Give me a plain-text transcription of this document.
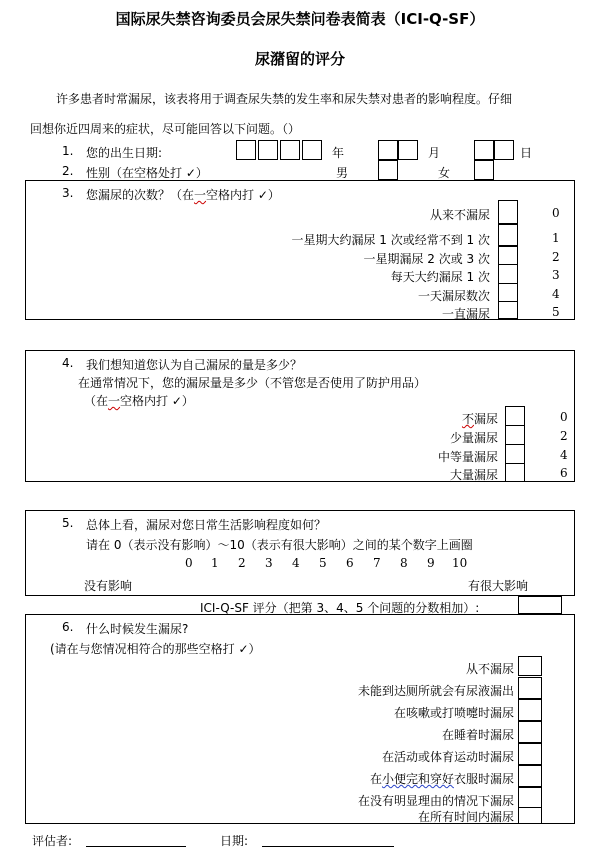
国际尿失禁咨询委员会尿失禁问卷表简表（ICI-Q-SF）
尿潴留的评分
许多患者时常漏尿，该表将用于调查尿失禁的发生率和尿失禁对患者的影响程度。仔细
回想你近四周来的症状，尽可能回答以下问题。（）
1. 您的出生日期:	年	月	日
2. 性别（在空格处打 ✓）	男	女
3. 您漏尿的次数？（在一空格内打 ✓）
从来不漏尿	0
一星期大约漏尿 1 次或经常不到 1 次	1
一星期漏尿 2 次或 3 次	2
每天大约漏尿 1 次	3
一天漏尿数次	4
一直漏尿	5
4. 我们想知道您认为自己漏尿的量是多少？
在通常情况下，您的漏尿量是多少（不管您是否使用了防护用品）
（在一空格内打 ✓）
不漏尿	0
少量漏尿	2
中等量漏尿	4
大量漏尿	6
5. 总体上看，漏尿对您日常生活影响程度如何？
请在 0（表示没有影响）～10（表示有很大影响）之间的某个数字上画圈
0 1 2 3 4 5 6 7 8 9 10
没有影响	有很大影响
ICI-Q-SF 评分（把第 3、4、5 个问题的分数相加）:
6. 什么时候发生漏尿?
(请在与您情况相符合的那些空格打 ✓）
从不漏尿
未能到达厕所就会有尿液漏出
在咳嗽或打喷嚏时漏尿
在睡着时漏尿
在活动或体育运动时漏尿
在小便完和穿好衣服时漏尿
在没有明显理由的情况下漏尿
在所有时间内漏尿
评估者:	日期:
